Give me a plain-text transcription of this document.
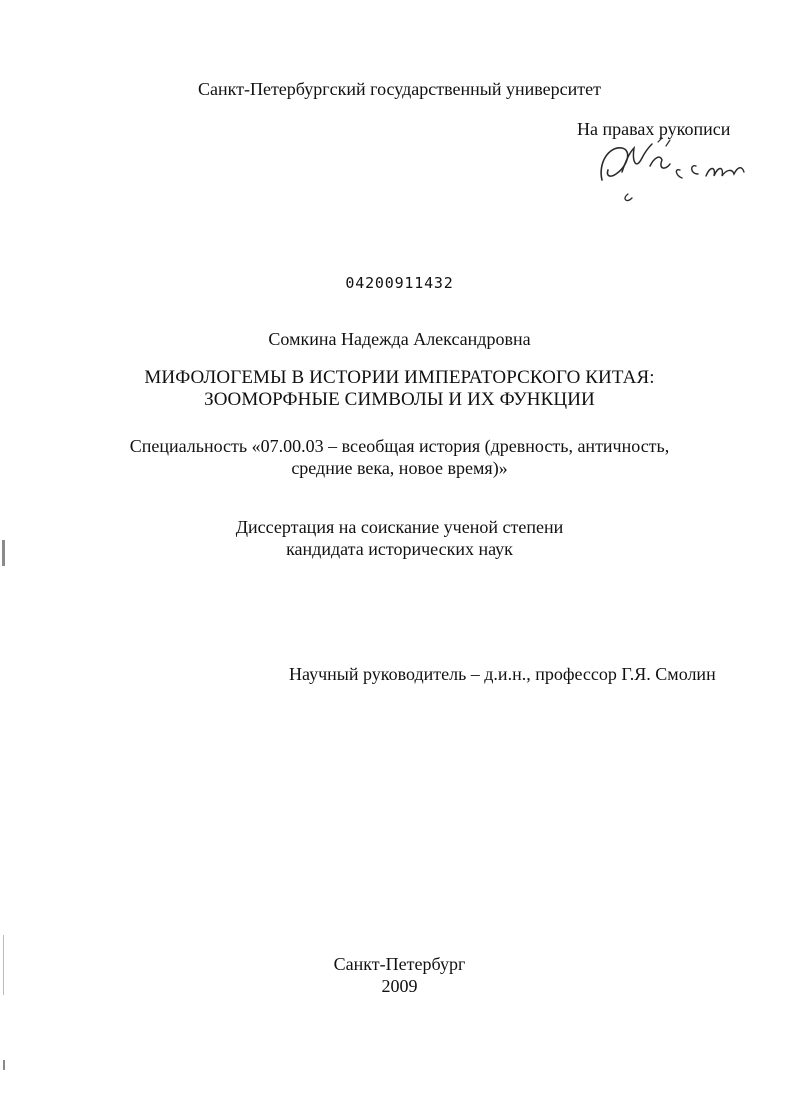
Санкт-Петербургский государственный университет
На правах рукописи
04200911432
Сомкина Надежда Александровна
МИФОЛОГЕМЫ В ИСТОРИИ ИМПЕРАТОРСКОГО КИТАЯ:
ЗООМОРФНЫЕ СИМВОЛЫ И ИХ ФУНКЦИИ
Специальность «07.00.03 – всеобщая история (древность, античность,
средние века, новое время)»
Диссертация на соискание ученой степени
кандидата исторических наук
Научный руководитель – д.и.н., профессор Г.Я. Смолин
Санкт-Петербург
2009
